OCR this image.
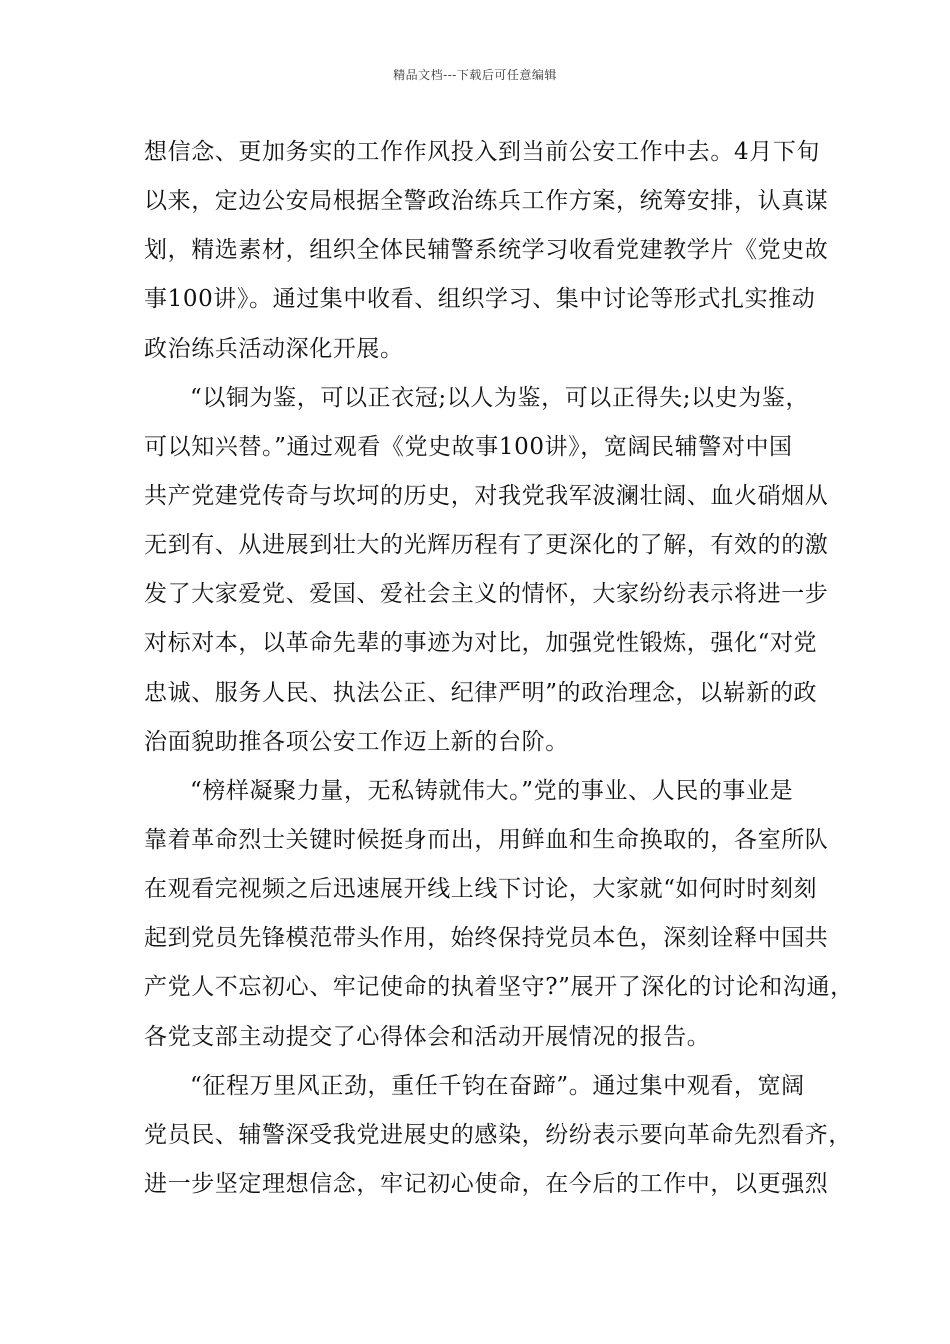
精品文档---下载后可任意编辑
想信念、更加务实的工作作风投入到当前公安工作中去。4月下旬
以来，定边公安局根据全警政治练兵工作方案，统筹安排，认真谋
划，精选素材，组织全体民辅警系统学习收看党建教学片《党史故
事100讲》。通过集中收看、组织学习、集中讨论等形式扎实推动
政治练兵活动深化开展。
“以铜为鉴，可以正衣冠;以人为鉴，可以正得失;以史为鉴，
可以知兴替。”通过观看《党史故事100讲》，宽阔民辅警对中国
共产党建党传奇与坎坷的历史，对我党我军波澜壮阔、血火硝烟从
无到有、从进展到壮大的光辉历程有了更深化的了解，有效的的激
发了大家爱党、爱国、爱社会主义的情怀，大家纷纷表示将进一步
对标对本，以革命先辈的事迹为对比，加强党性锻炼，强化“对党
忠诚、服务人民、执法公正、纪律严明”的政治理念，以崭新的政
治面貌助推各项公安工作迈上新的台阶。
“榜样凝聚力量，无私铸就伟大。”党的事业、人民的事业是
靠着革命烈士关键时候挺身而出，用鲜血和生命换取的，各室所队
在观看完视频之后迅速展开线上线下讨论，大家就“如何时时刻刻
起到党员先锋模范带头作用，始终保持党员本色，深刻诠释中国共
产党人不忘初心、牢记使命的执着坚守?”展开了深化的讨论和沟通，
各党支部主动提交了心得体会和活动开展情况的报告。
“征程万里风正劲，重任千钧在奋蹄”。通过集中观看，宽阔
党员民、辅警深受我党进展史的感染，纷纷表示要向革命先烈看齐，
进一步坚定理想信念，牢记初心使命，在今后的工作中，以更强烈
